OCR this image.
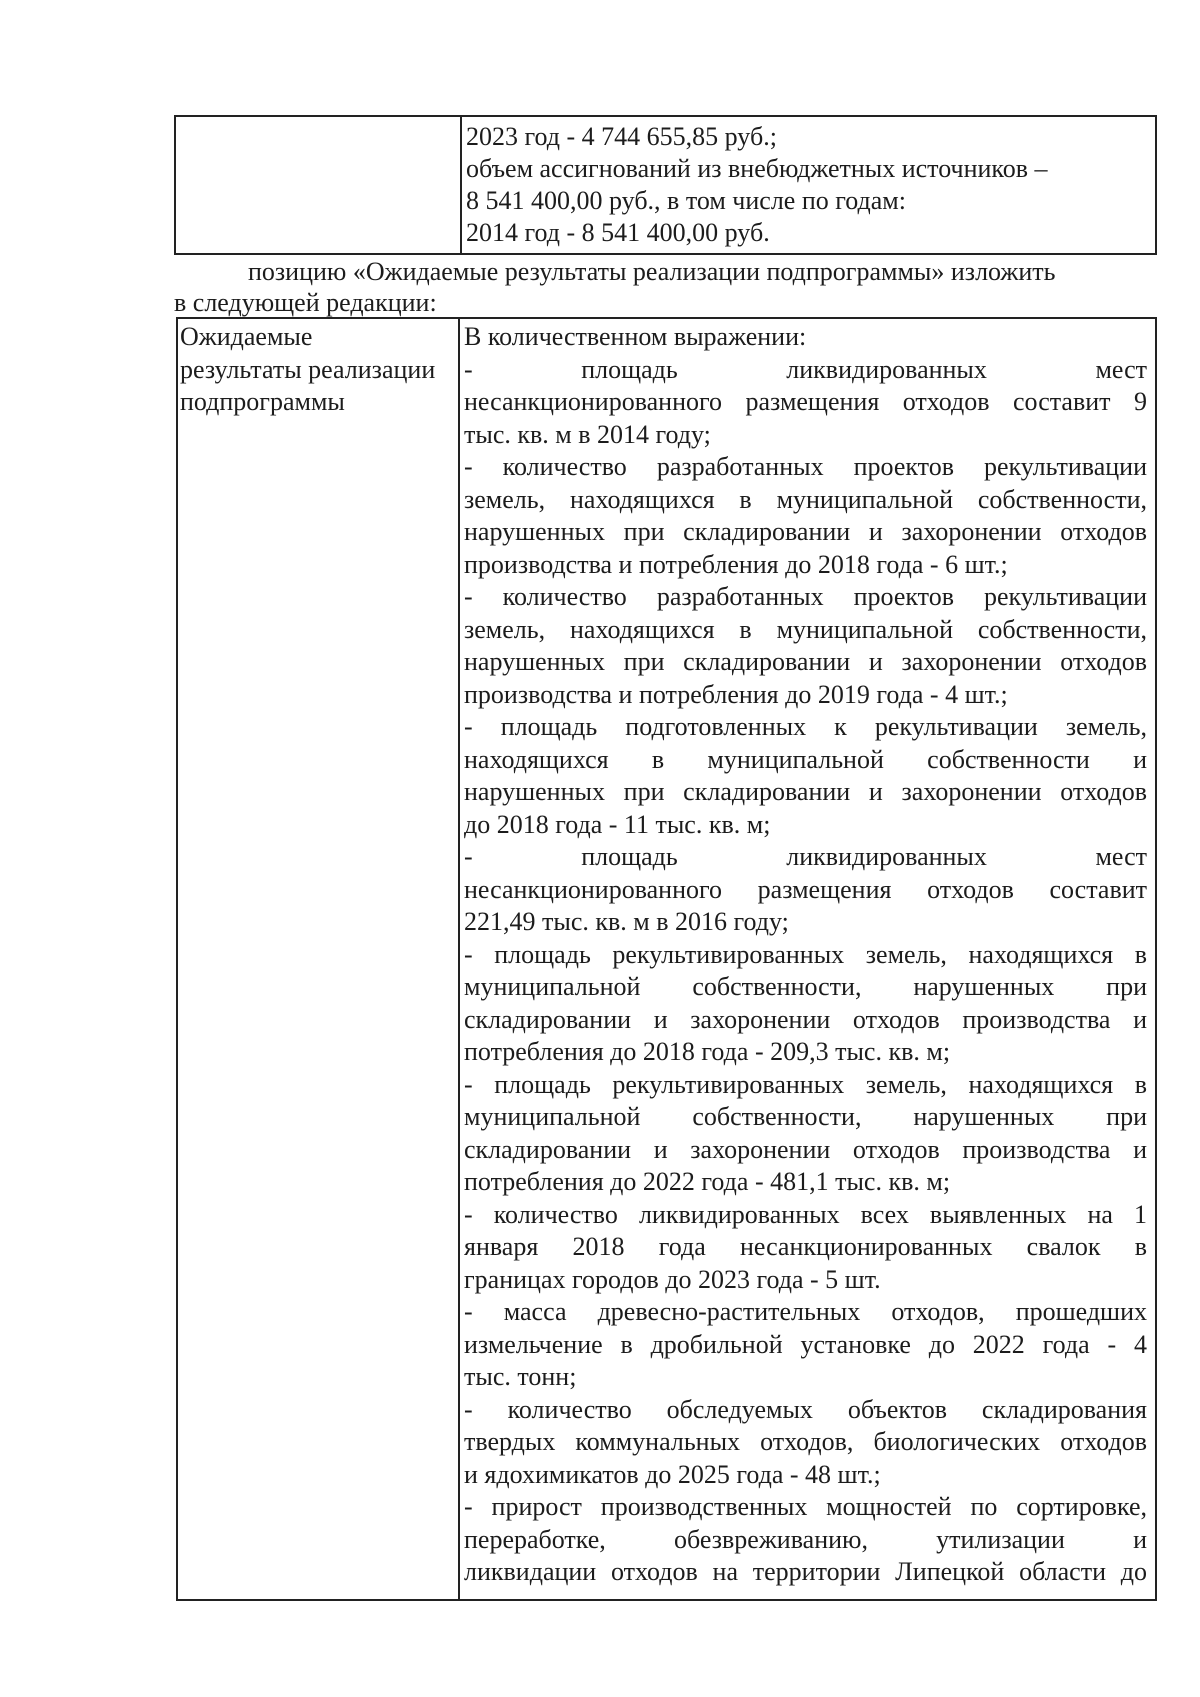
2023 год - 4 744 655,85 руб.;
объем ассигнований из внебюджетных источников –
8 541 400,00 руб., в том числе по годам:
2014 год - 8 541 400,00 руб.
позицию «Ожидаемые результаты реализации подпрограммы» изложить
в следующей редакции:
Ожидаемые
результаты реализации
подпрограммы
В количественном выражении:
- площадь ликвидированных мест
несанкционированного размещения отходов составит 9
тыс. кв. м в 2014 году;
- количество разработанных проектов рекультивации
земель, находящихся в муниципальной собственности,
нарушенных при складировании и захоронении отходов
производства и потребления до 2018 года - 6 шт.;
- количество разработанных проектов рекультивации
земель, находящихся в муниципальной собственности,
нарушенных при складировании и захоронении отходов
производства и потребления до 2019 года - 4 шт.;
- площадь подготовленных к рекультивации земель,
находящихся в муниципальной собственности и
нарушенных при складировании и захоронении отходов
до 2018 года - 11 тыс. кв. м;
- площадь ликвидированных мест
несанкционированного размещения отходов составит
221,49 тыс. кв. м в 2016 году;
- площадь рекультивированных земель, находящихся в
муниципальной собственности, нарушенных при
складировании и захоронении отходов производства и
потребления до 2018 года - 209,3 тыс. кв. м;
- площадь рекультивированных земель, находящихся в
муниципальной собственности, нарушенных при
складировании и захоронении отходов производства и
потребления до 2022 года - 481,1 тыс. кв. м;
- количество ликвидированных всех выявленных на 1
января 2018 года несанкционированных свалок в
границах городов до 2023 года - 5 шт.
- масса древесно-растительных отходов, прошедших
измельчение в дробильной установке до 2022 года - 4
тыс. тонн;
- количество обследуемых объектов складирования
твердых коммунальных отходов, биологических отходов
и ядохимикатов до 2025 года - 48 шт.;
- прирост производственных мощностей по сортировке,
переработке, обезвреживанию, утилизации и
ликвидации отходов на территории Липецкой области до
